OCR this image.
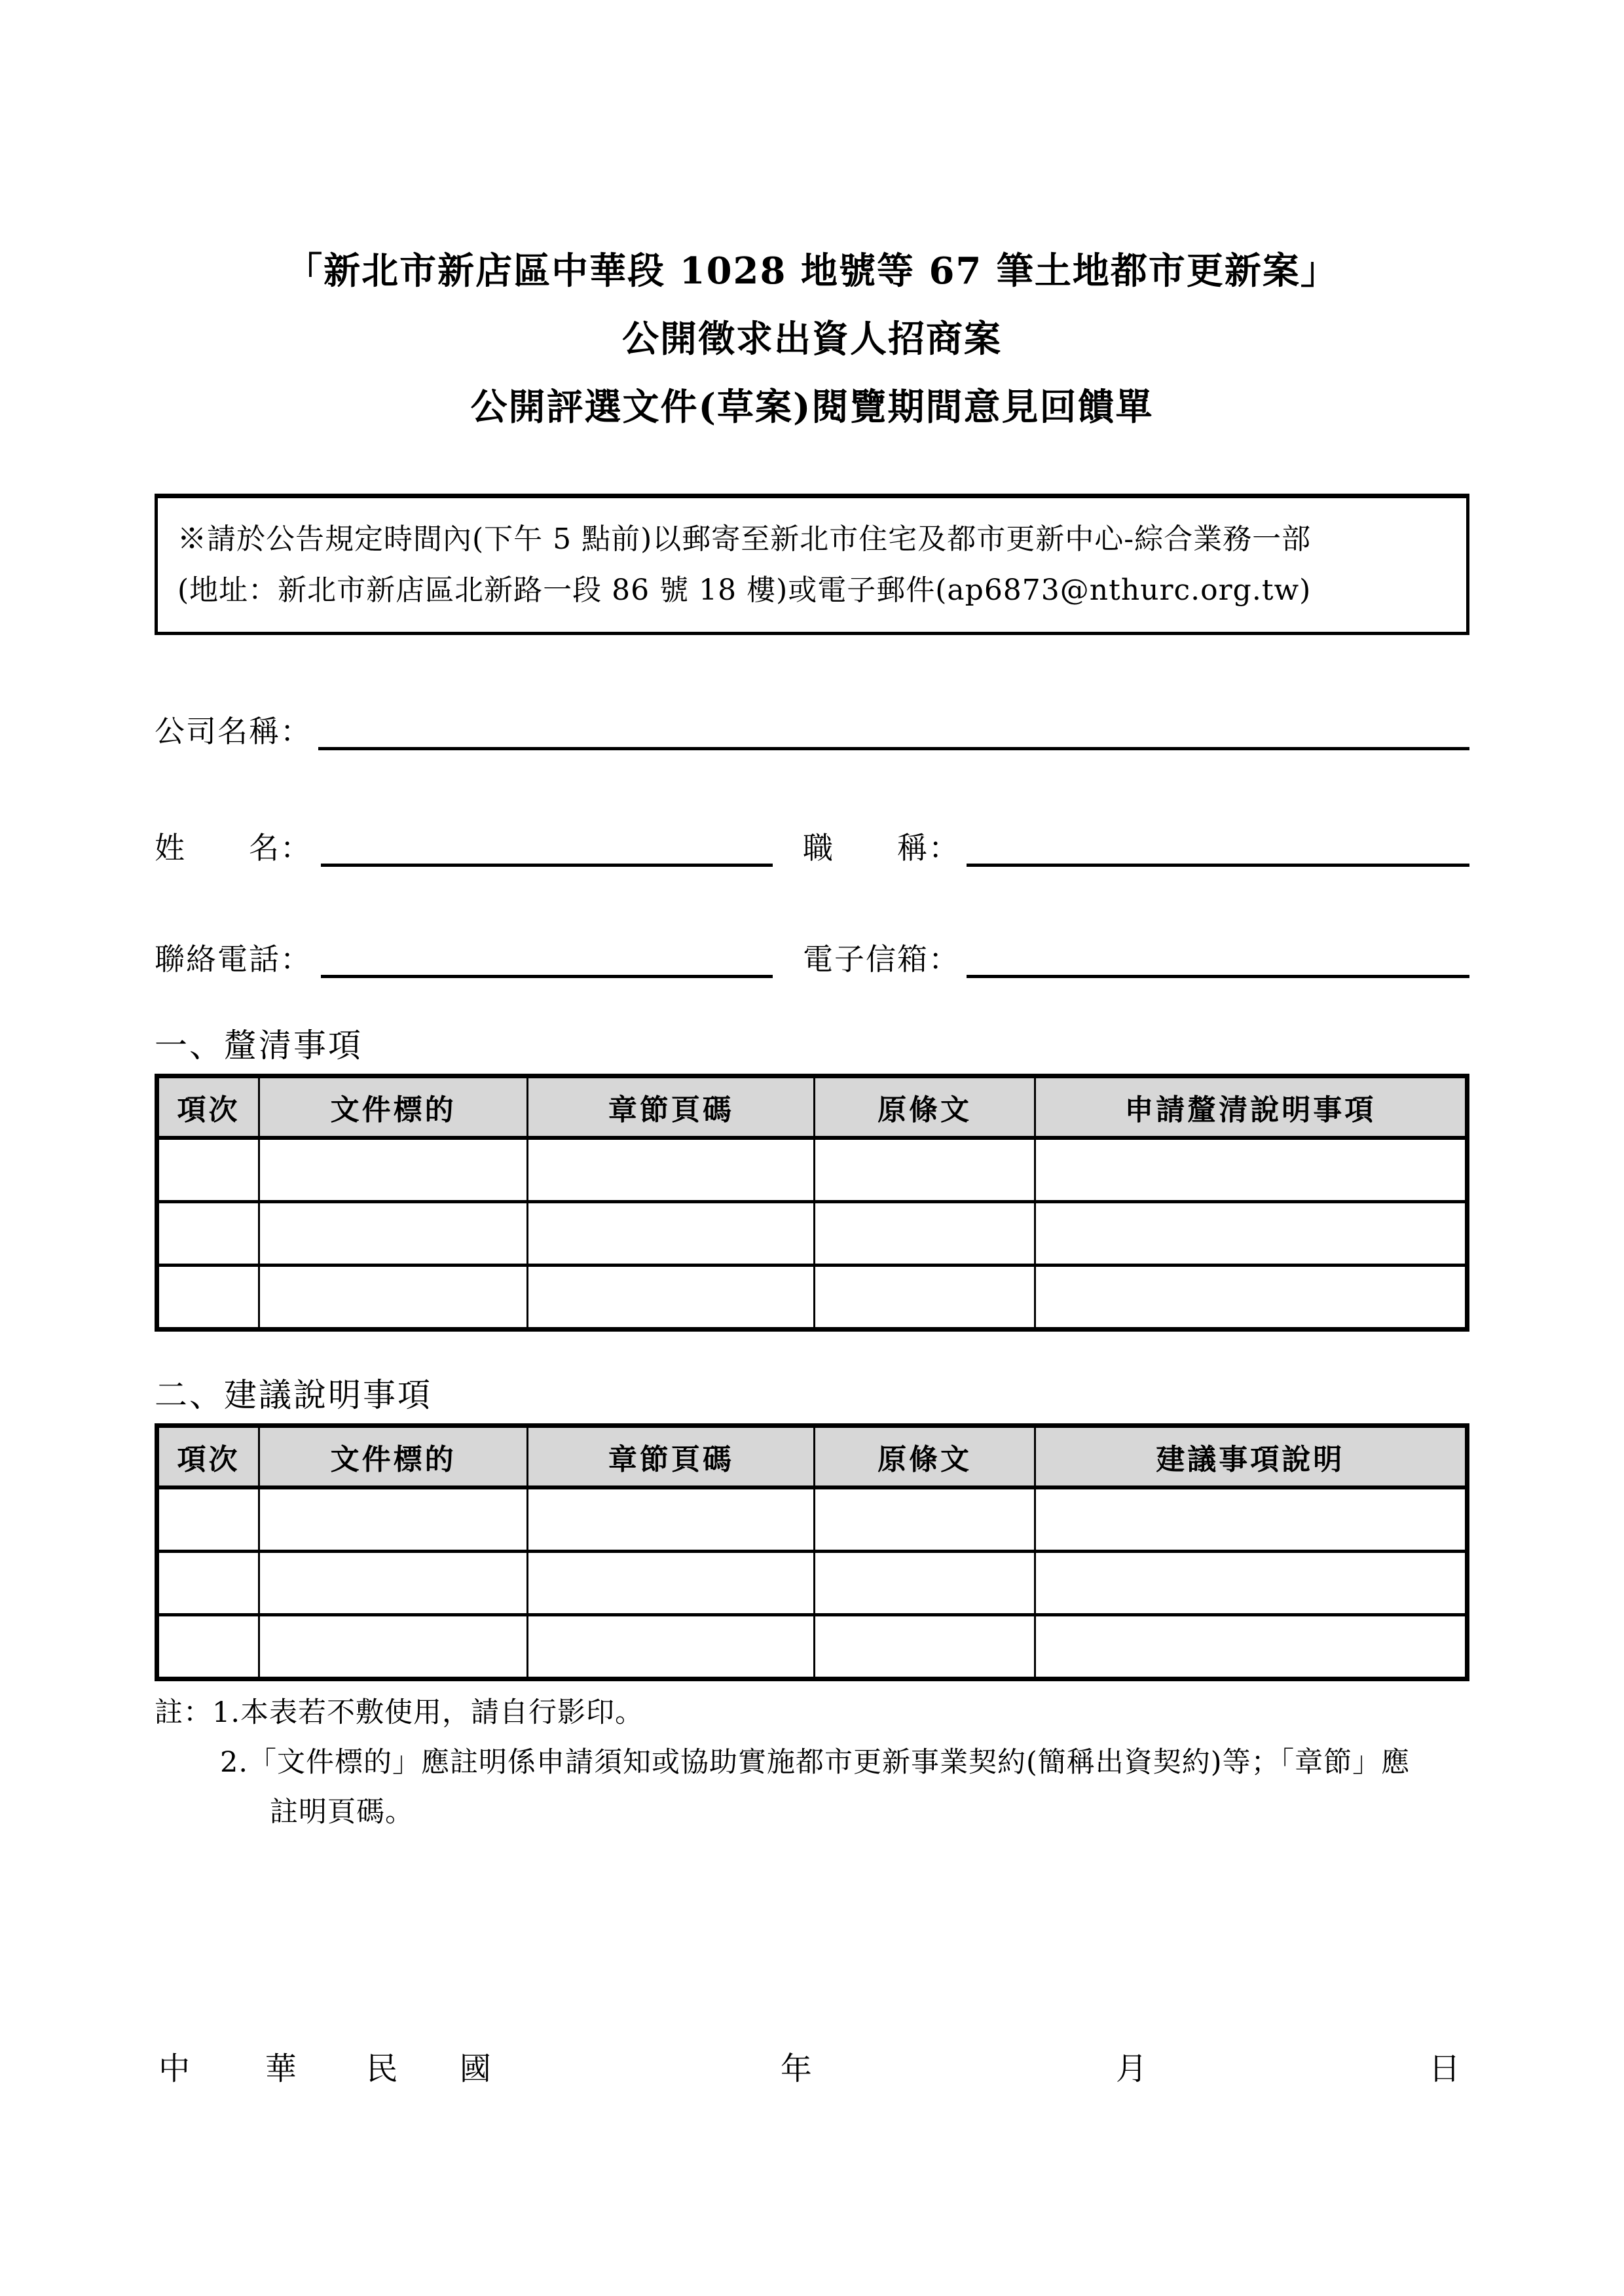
「新北市新店區中華段 1028 地號等 67 筆土地都市更新案」
公開徵求出資人招商案
公開評選文件(草案)閱覽期間意見回饋單
※請於公告規定時間內(下午 5 點前)以郵寄至新北市住宅及都市更新中心-綜合業務一部
(地址：新北市新店區北新路一段 86 號 18 樓)或電子郵件(ap6873@nthurc.org.tw)
公司名稱：
姓　　名：	職　　稱：
聯絡電話：	電子信箱：
一、釐清事項
項次	文件標的	章節頁碼	原條文	申請釐清說明事項

二、建議說明事項
項次	文件標的	章節頁碼	原條文	建議事項說明

註：1.本表若不敷使用，請自行影印。
2.「文件標的」應註明係申請須知或協助實施都市更新事業契約(簡稱出資契約)等；「章節」應註明頁碼。
中 華 民 國	年	月	日
